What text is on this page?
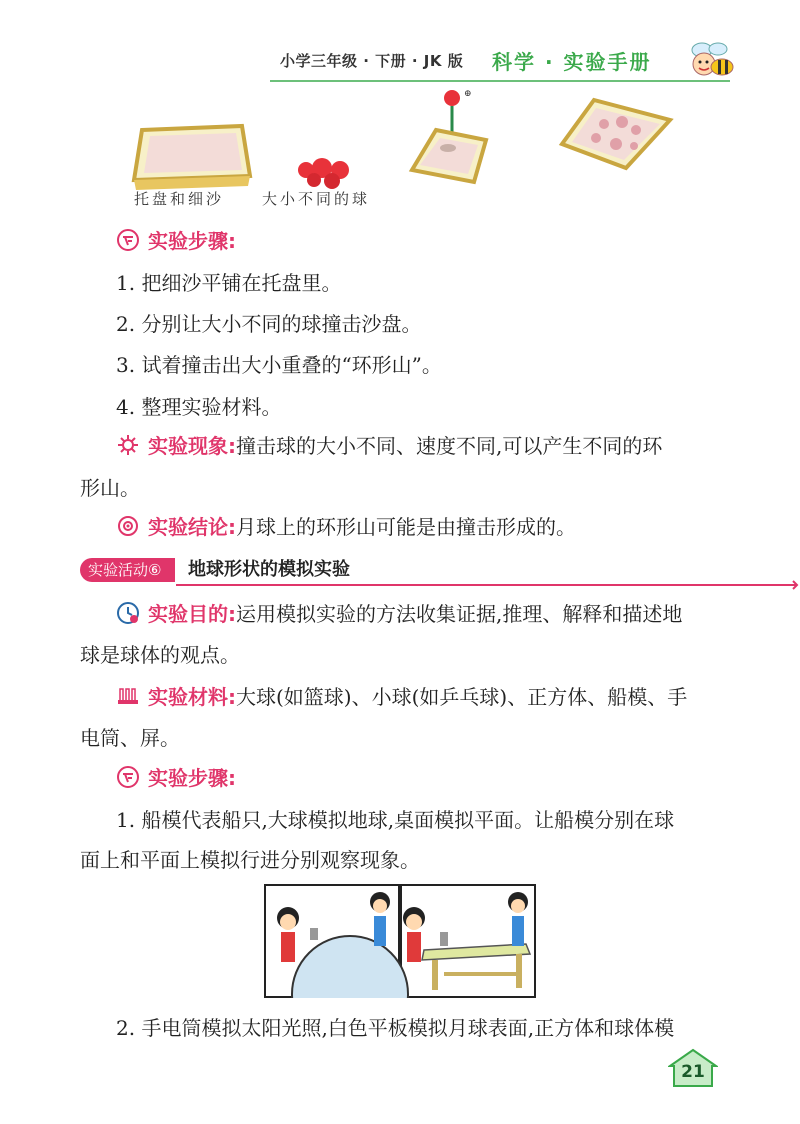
小学三年级 · 下册 · JK 版 科学 · 实验手册
⊕
托盘和细沙	大小不同的球
实验步骤:
1. 把细沙平铺在托盘里。
2. 分别让大小不同的球撞击沙盘。
3. 试着撞击出大小重叠的“环形山”。
4. 整理实验材料。
实验现象:撞击球的大小不同、速度不同,可以产生不同的环
形山。
实验结论:月球上的环形山可能是由撞击形成的。
实验活动⑥	地球形状的模拟实验
实验目的:运用模拟实验的方法收集证据,推理、解释和描述地
球是球体的观点。
实验材料:大球(如篮球)、小球(如乒乓球)、正方体、船模、手
电筒、屏。
实验步骤:
1. 船模代表船只,大球模拟地球,桌面模拟平面。让船模分别在球
面上和平面上模拟行进分别观察现象。
2. 手电筒模拟太阳光照,白色平板模拟月球表面,正方体和球体模
21
